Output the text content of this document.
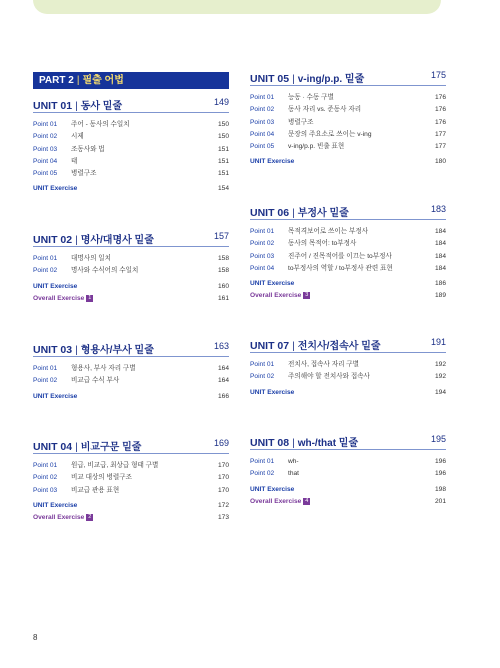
PART 2 | 필출 어법
UNIT 01 | 동사 밑줄	149
Point 01 주어 - 동사의 수일치	150
Point 02 시제	150
Point 03 조동사와 법	151
Point 04 태	151
Point 05 병렬구조	151
UNIT Exercise	154
UNIT 02 | 명사/대명사 밑줄	157
Point 01 대명사의 일치	158
Point 02 명사와 수식어의 수일치	158
UNIT Exercise	160
Overall Exercise 1	161
UNIT 03 | 형용사/부사 밑줄	163
Point 01 형용사, 부사 자리 구별	164
Point 02 비교급 수식 부사	164
UNIT Exercise	166
UNIT 04 | 비교구문 밑줄	169
Point 01 원급, 비교급, 최상급 형태 구별	170
Point 02 비교 대상의 병렬구조	170
Point 03 비교급 관용 표현	170
UNIT Exercise	172
Overall Exercise 2	173
UNIT 05 | v-ing/p.p. 밑줄	175
Point 01 능동 · 수동 구별	176
Point 02 동사 자리 vs. 준동사 자리	176
Point 03 병렬구조	176
Point 04 문장의 주요소로 쓰이는 v-ing	177
Point 05 v-ing/p.p. 빈출 표현	177
UNIT Exercise	180
UNIT 06 | 부정사 밑줄	183
Point 01 목적격보어로 쓰이는 부정사	184
Point 02 동사의 목적어: to부정사	184
Point 03 진주어 / 진목적어를 이끄는 to부정사	184
Point 04 to부정사의 역할 / to부정사 관련 표현	184
UNIT Exercise	186
Overall Exercise 3	189
UNIT 07 | 전치사/접속사 밑줄	191
Point 01 전치사, 접속사 자리 구별	192
Point 02 주의해야 할 전치사와 접속사	192
UNIT Exercise	194
UNIT 08 | wh-/that 밑줄	195
Point 01 wh-	196
Point 02 that	196
UNIT Exercise	198
Overall Exercise 4	201
8
